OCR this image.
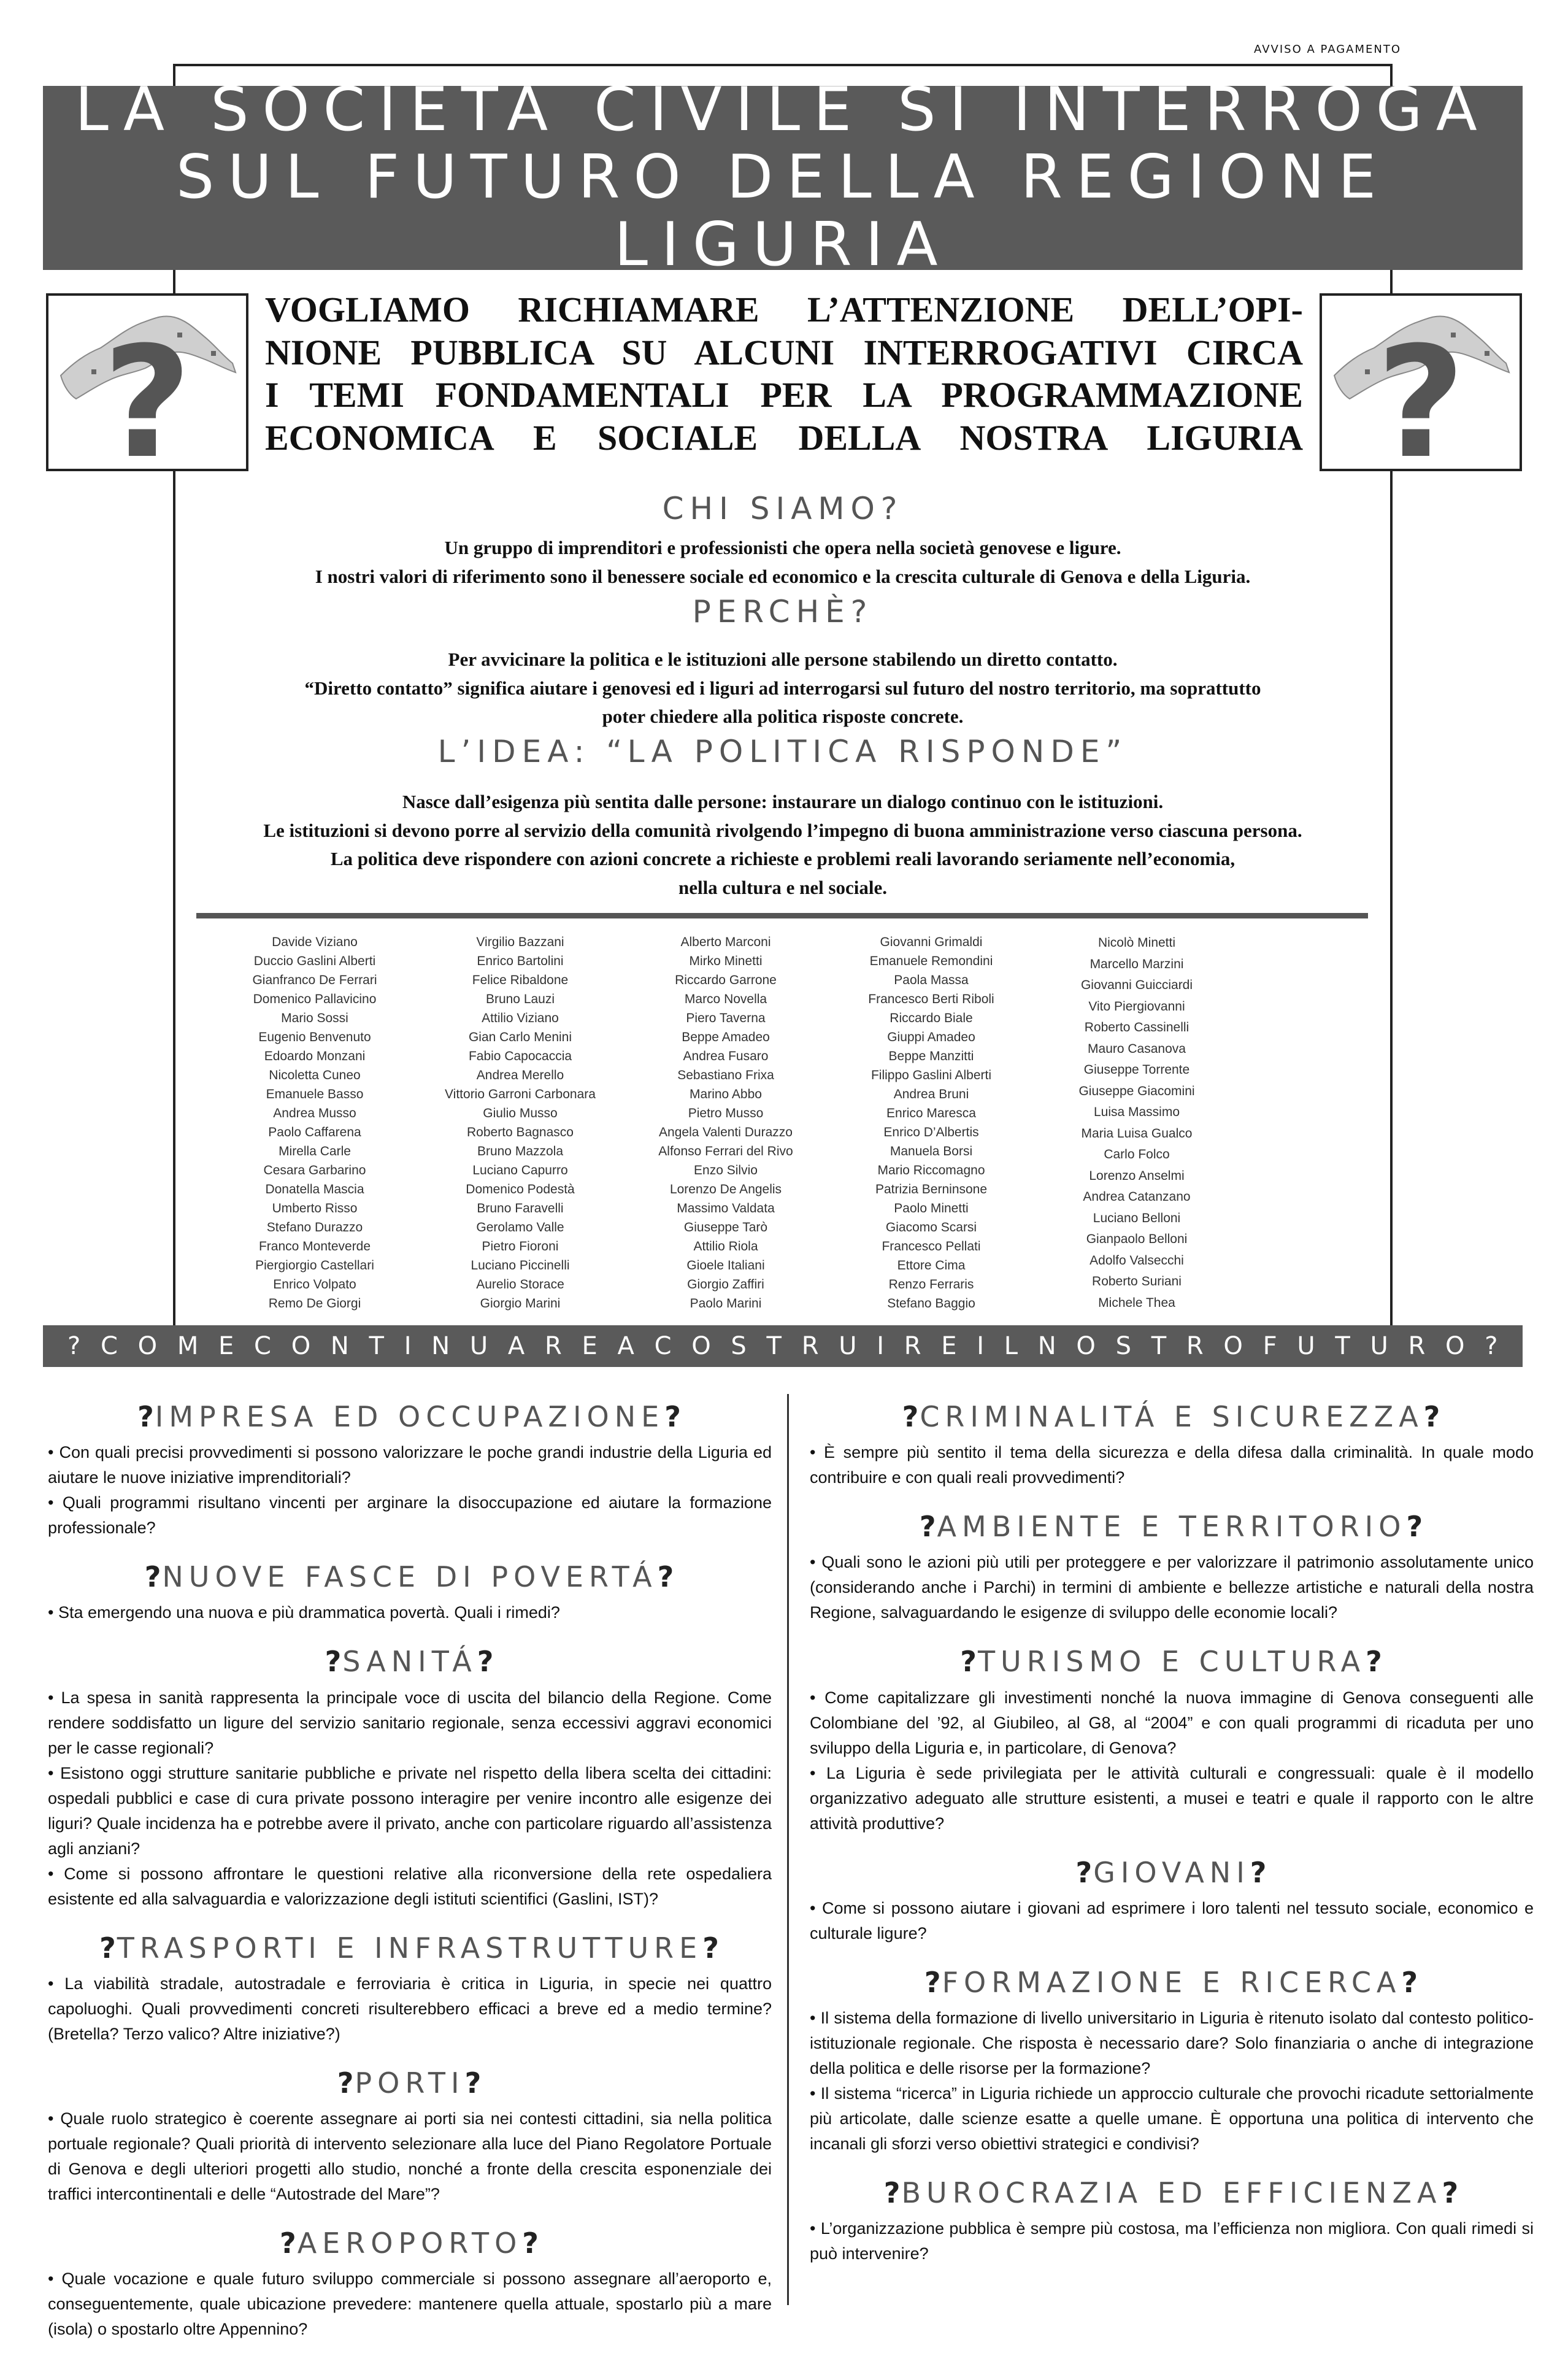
AVVISO A PAGAMENTO
LA SOCIETÀ CIVILE SI INTERROGA
SUL FUTURO DELLA REGIONE LIGURIA
?	?
VOGLIAMO RICHIAMARE L’ATTENZIONE DELL’OPI-
NIONE PUBBLICA SU ALCUNI INTERROGATIVI CIRCA
I TEMI FONDAMENTALI PER LA PROGRAMMAZIONE
ECONOMICA E SOCIALE DELLA NOSTRA LIGURIA
CHI SIAMO?
Un gruppo di imprenditori e professionisti che opera nella società genovese e ligure.
I nostri valori di riferimento sono il benessere sociale ed economico e la crescita culturale di Genova e della Liguria.
PERCHÈ?
Per avvicinare la politica e le istituzioni alle persone stabilendo un diretto contatto.
“Diretto contatto” significa aiutare i genovesi ed i liguri ad interrogarsi sul futuro del nostro territorio, ma soprattutto
poter chiedere alla politica risposte concrete.
L’IDEA: “LA POLITICA RISPONDE”
Nasce dall’esigenza più sentita dalle persone: instaurare un dialogo continuo con le istituzioni.
Le istituzioni si devono porre al servizio della comunità rivolgendo l’impegno di buona amministrazione verso ciascuna persona.
La politica deve rispondere con azioni concrete a richieste e problemi reali lavorando seriamente nell’economia,
nella cultura e nel sociale.
Davide Viziano
Duccio Gaslini Alberti
Gianfranco De Ferrari
Domenico Pallavicino
Mario Sossi
Eugenio Benvenuto
Edoardo Monzani
Nicoletta Cuneo
Emanuele Basso
Andrea Musso
Paolo Caffarena
Mirella Carle
Cesara Garbarino
Donatella Mascia
Umberto Risso
Stefano Durazzo
Franco Monteverde
Piergiorgio Castellari
Enrico Volpato
Remo De Giorgi
Virgilio Bazzani
Enrico Bartolini
Felice Ribaldone
Bruno Lauzi
Attilio Viziano
Gian Carlo Menini
Fabio Capocaccia
Andrea Merello
Vittorio Garroni Carbonara
Giulio Musso
Roberto Bagnasco
Bruno Mazzola
Luciano Capurro
Domenico Podestà
Bruno Faravelli
Gerolamo Valle
Pietro Fioroni
Luciano Piccinelli
Aurelio Storace
Giorgio Marini
Alberto Marconi
Mirko Minetti
Riccardo Garrone
Marco Novella
Piero Taverna
Beppe Amadeo
Andrea Fusaro
Sebastiano Frixa
Marino Abbo
Pietro Musso
Angela Valenti Durazzo
Alfonso Ferrari del Rivo
Enzo Silvio
Lorenzo De Angelis
Massimo Valdata
Giuseppe Tarò
Attilio Riola
Gioele Italiani
Giorgio Zaffiri
Paolo Marini
Giovanni Grimaldi
Emanuele Remondini
Paola Massa
Francesco Berti Riboli
Riccardo Biale
Giuppi Amadeo
Beppe Manzitti
Filippo Gaslini Alberti
Andrea Bruni
Enrico Maresca
Enrico D’Albertis
Manuela Borsi
Mario Riccomagno
Patrizia Berninsone
Paolo Minetti
Giacomo Scarsi
Francesco Pellati
Ettore Cima
Renzo Ferraris
Stefano Baggio
Nicolò Minetti
Marcello Marzini
Giovanni Guicciardi
Vito Piergiovanni
Roberto Cassinelli
Mauro Casanova
Giuseppe Torrente
Giuseppe Giacomini
Luisa Massimo
Maria Luisa Gualco
Carlo Folco
Lorenzo Anselmi
Andrea Catanzano
Luciano Belloni
Gianpaolo Belloni
Adolfo Valsecchi
Roberto Suriani
Michele Thea
? C O M E C O N T I N U A R E A C O S T R U I R E I L N O S T R O F U T U R O ?
?IMPRESA ED OCCUPAZIONE?

• Con quali precisi provvedimenti si possono valorizzare le poche grandi industrie della Liguria ed aiutare le nuove iniziative imprenditoriali?

• Quali programmi risultano vincenti per arginare la disoccupazione ed aiutare la formazione professionale?

?NUOVE FASCE DI POVERTÁ?

• Sta emergendo una nuova e più drammatica povertà. Quali i rimedi?

?SANITÁ?

• La spesa in sanità rappresenta la principale voce di uscita del bilancio della Regione. Come rendere soddisfatto un ligure del servizio sanitario regionale, senza eccessivi aggravi economici per le casse regionali?

• Esistono oggi strutture sanitarie pubbliche e private nel rispetto della libera scelta dei cittadini: ospedali pubblici e case di cura private possono interagire per venire incontro alle esigenze dei liguri? Quale incidenza ha e potrebbe avere il privato, anche con particolare riguardo all’assistenza agli anziani?

• Come si possono affrontare le questioni relative alla riconversione della rete ospedaliera esistente ed alla salvaguardia e valorizzazione degli istituti scientifici (Gaslini, IST)?

?TRASPORTI E INFRASTRUTTURE?

• La viabilità stradale, autostradale e ferroviaria è critica in Liguria, in specie nei quattro capoluoghi. Quali provvedimenti concreti risulterebbero efficaci a breve ed a medio termine? (Bretella? Terzo valico? Altre iniziative?)

?PORTI?

• Quale ruolo strategico è coerente assegnare ai porti sia nei contesti cittadini, sia nella politica portuale regionale? Quali priorità di intervento selezionare alla luce del Piano Regolatore Portuale di Genova e degli ulteriori progetti allo studio, nonché a fronte della crescita esponenziale dei traffici intercontinentali e delle “Autostrade del Mare”?

?AEROPORTO?

• Quale vocazione e quale futuro sviluppo commerciale si possono assegnare all’aeroporto e, conseguentemente, quale ubicazione prevedere: mantenere quella attuale, spostarlo più a mare (isola) o spostarlo oltre Appennino?

?CRIMINALITÁ E SICUREZZA?

• È sempre più sentito il tema della sicurezza e della difesa dalla criminalità. In quale modo contribuire e con quali reali provvedimenti?

?AMBIENTE E TERRITORIO?

• Quali sono le azioni più utili per proteggere e per valorizzare il patrimonio assolutamente unico (considerando anche i Parchi) in termini di ambiente e bellezze artistiche e naturali della nostra Regione, salvaguardando le esigenze di sviluppo delle economie locali?

?TURISMO E CULTURA?

• Come capitalizzare gli investimenti nonché la nuova immagine di Genova conseguenti alle Colombiane del ’92, al Giubileo, al G8, al “2004” e con quali programmi di ricaduta per uno sviluppo della Liguria e, in particolare, di Genova?

• La Liguria è sede privilegiata per le attività culturali e congressuali: quale è il modello organizzativo adeguato alle strutture esistenti, a musei e teatri e quale il rapporto con le altre attività produttive?

?GIOVANI?

• Come si possono aiutare i giovani ad esprimere i loro talenti nel tessuto sociale, economico e culturale ligure?

?FORMAZIONE E RICERCA?

• Il sistema della formazione di livello universitario in Liguria è ritenuto isolato dal contesto politico-istituzionale regionale. Che risposta è necessario dare? Solo finanziaria o anche di integrazione della politica e delle risorse per la formazione?

• Il sistema “ricerca” in Liguria richiede un approccio culturale che provochi ricadute settorialmente più articolate, dalle scienze esatte a quelle umane. È opportuna una politica di intervento che incanali gli sforzi verso obiettivi strategici e condivisi?

?BUROCRAZIA ED EFFICIENZA?

• L’organizzazione pubblica è sempre più costosa, ma l’efficienza non migliora. Con quali rimedi si può intervenire?
